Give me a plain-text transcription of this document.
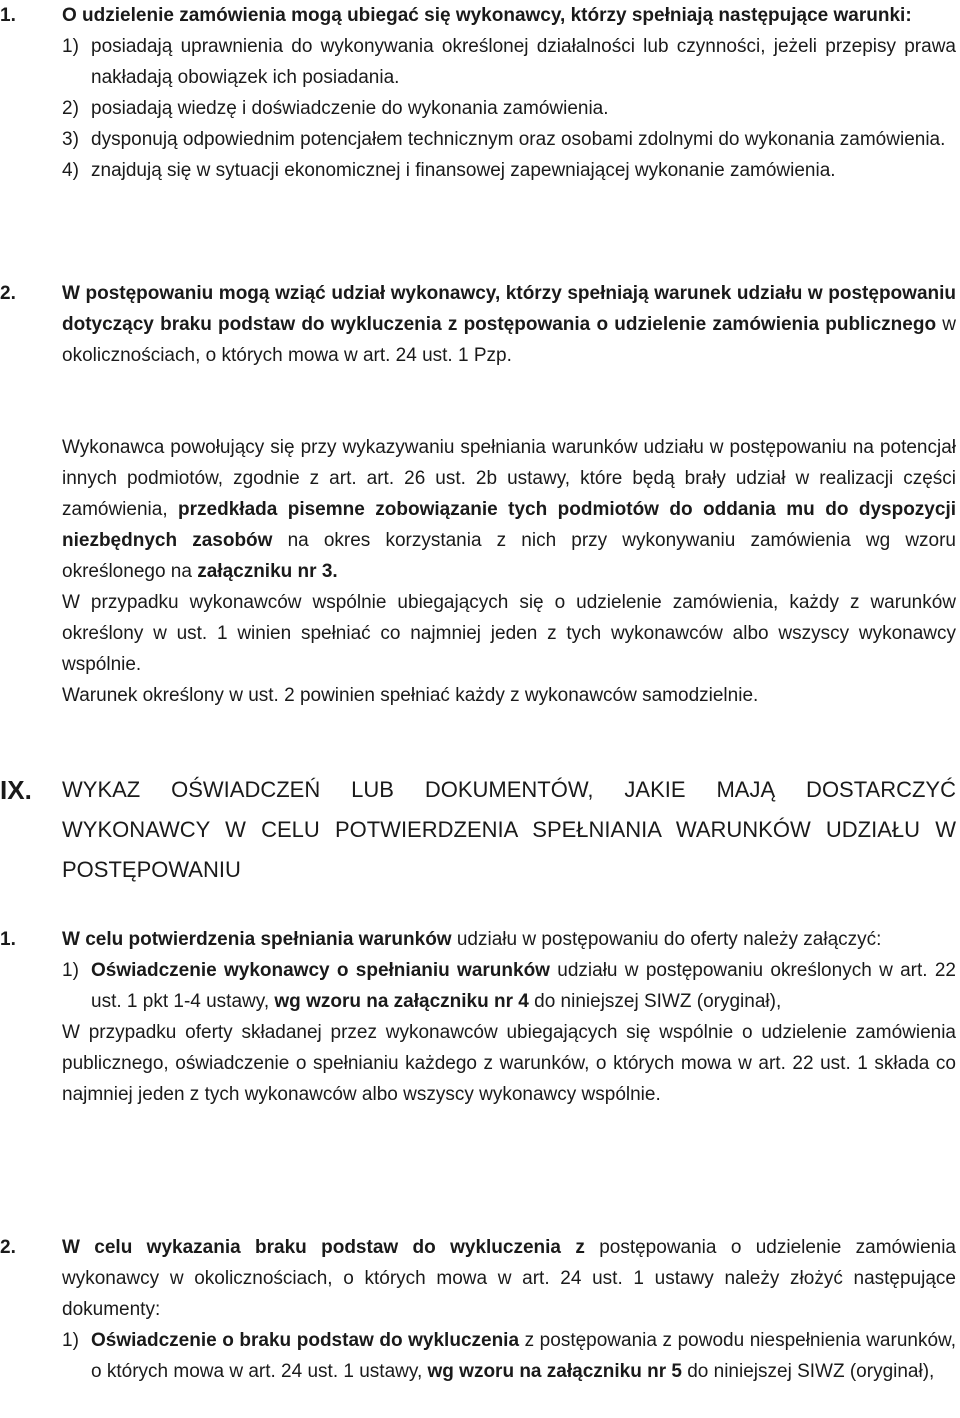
1. O udzieleniе zamówienia mogą ubiegać się wykonawcy, którzy spełniają następujące warunki:

1) posiadają uprawnienia do wykonywania określonej działalności lub czynności, jeżeli przepisy prawa nakładają obowiązek ich posiadania.
2) posiadają wiedzę i doświadczenie do wykonania zamówienia.
3) dysponują odpowiednim potencjałem technicznym oraz osobami zdolnymi do wykonania zamówienia.
4) znajdują się w sytuacji ekonomicznej i finansowej zapewniającej wykonanie zamówienia.
2. W postępowaniu mogą wziąć udział wykonawcy, którzy spełniają warunek udziału w postępowaniu dotyczący braku podstaw do wykluczenia z postępowania o udzieleniе zamówienia publicznego w okolicznościach, o których mowa w art. 24 ust. 1 Pzp.

Wykonawca powołujący się przy wykazywaniu spełniania warunków udziału w postępowaniu na potencjał innych podmiotów, zgodnie z art. art. 26 ust. 2b ustawy, które będą brały udział w realizacji części zamówienia, przedkłada pisemne zobowiązanie tych podmiotów do oddania mu do dyspozycji niezbędnych zasobów na okres korzystania z nich przy wykonywaniu zamówienia wg wzoru określonego na załączniku nr 3.

W przypadku wykonawców wspólnie ubiegających się o udzielenie zamówienia, każdy z warunków określony w ust. 1 winien spełniać co najmniej jeden z tych wykonawców albo wszyscy wykonawcy wspólnie.

Warunek określony w ust. 2 powinien spełniać każdy z wykonawców samodzielnie.

IX. WYKAZ OŚWIADCZEŃ LUB DOKUMENTÓW, JAKIE MAJĄ DOSTARCZYĆ WYKONAWCY W CELU POTWIERDZENIA SPEŁNIANIA WARUNKÓW UDZIAŁU W POSTĘPOWANIU
1. W celu potwierdzenia spełniania warunków udziału w postępowaniu do oferty należy załączyć:

1) Oświadczenie wykonawcy o spełnianiu warunków udziału w postępowaniu określonych w art. 22 ust. 1 pkt 1-4 ustawy, wg wzoru na załączniku nr 4 do niniejszej SIWZ (oryginał),

W przypadku oferty składanej przez wykonawców ubiegających się wspólnie o udzielenie zamówienia publicznego, oświadczenie o spełnianiu każdego z warunków, o których mowa w art. 22 ust. 1 składa co najmniej jeden z tych wykonawców albo wszyscy wykonawcy wspólnie.

2. W celu wykazania braku podstaw do wykluczenia z postępowania o udzielenie zamówienia wykonawcy w okolicznościach, o których mowa w art. 24 ust. 1 ustawy należy złożyć następujące dokumenty:

1) Oświadczenie o braku podstaw do wykluczenia z postępowania z powodu niespełnienia warunków, o których mowa w art. 24 ust. 1 ustawy, wg wzoru na załączniku nr 5 do niniejszej SIWZ (oryginał),
